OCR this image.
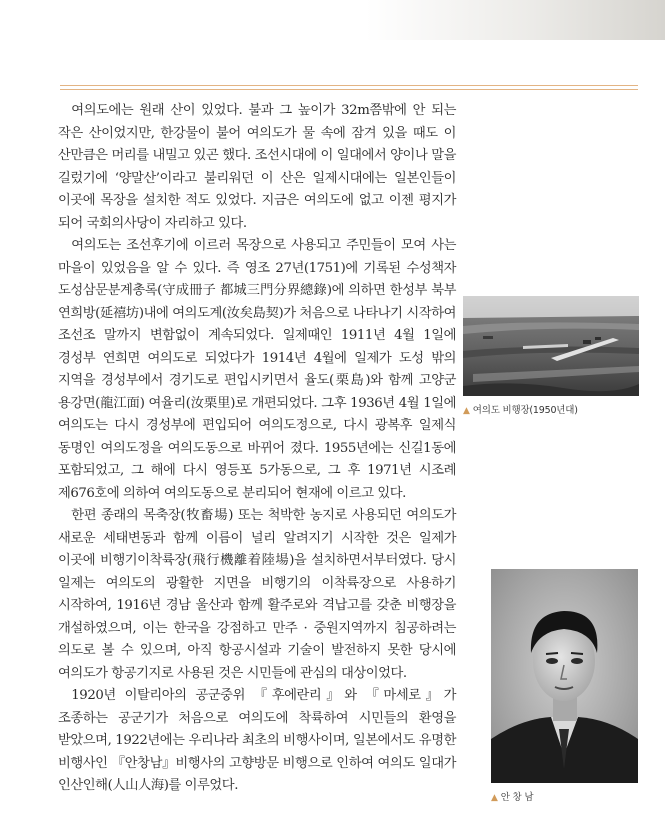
여의도에는 원래 산이 있었다. 불과 그 높이가 32m쯤밖에 안 되는 작은 산이었지만, 한강물이 불어 여의도가 물 속에 잠겨 있을 때도 이 산만큼은 머리를 내밀고 있곤 했다. 조선시대에 이 일대에서 양이나 말을 길렀기에 ‘양말산’이라고 불리워던 이 산은 일제시대에는 일본인들이 이곳에 목장을 설치한 적도 있었다. 지금은 여의도에 없고 이젠 평지가 되어 국회의사당이 자리하고 있다.

여의도는 조선후기에 이르러 목장으로 사용되고 주민들이 모여 사는 마을이 있었음을 알 수 있다. 즉 영조 27년(1751)에 기록된 수성책자 도성삼문분계총록(守成冊子 都城三門分界總錄)에 의하면 한성부 북부 연희방(延禧坊)내에 여의도계(汝矣島契)가 처음으로 나타나기 시작하여 조선조 말까지 변함없이 계속되었다. 일제때인 1911년 4월 1일에 경성부 연희면 여의도로 되었다가 1914년 4월에 일제가 도성 밖의 지역을 경성부에서 경기도로 편입시키면서 율도(栗島)와 함께 고양군 용강면(龍江面) 여율리(汝栗里)로 개편되었다. 그후 1936년 4월 1일에 여의도는 다시 경성부에 편입되어 여의도정으로, 다시 광복후 일제식 동명인 여의도정을 여의도동으로 바뀌어 졌다. 1955년에는 신길1동에 포함되었고, 그 해에 다시 영등포 5가동으로, 그 후 1971년 시조례 제676호에 의하여 여의도동으로 분리되어 현재에 이르고 있다.

한편 종래의 목축장(牧畜場) 또는 척박한 농지로 사용되던 여의도가 새로운 세태변동과 함께 이름이 널리 알려지기 시작한 것은 일제가 이곳에 비행기이착륙장(飛行機離着陸場)을 설치하면서부터였다. 당시 일제는 여의도의 광활한 지면을 비행기의 이착륙장으로 사용하기 시작하여, 1916년 경남 울산과 함께 활주로와 격납고를 갖춘 비행장을 개설하였으며, 이는 한국을 강점하고 만주 · 중원지역까지 침공하려는 의도로 볼 수 있으며, 아직 항공시설과 기술이 발전하지 못한 당시에 여의도가 항공기지로 사용된 것은 시민들에 관심의 대상이었다.

1920년 이탈리아의 공군중위 『후에란리』와 『마세로』가 조종하는 공군기가 처음으로 여의도에 착륙하여 시민들의 환영을 받았으며, 1922년에는 우리나라 최초의 비행사이며, 일본에서도 유명한 비행사인 『안창남』비행사의 고향방문 비행으로 인하여 여의도 일대가 인산인해(人山人海)를 이루었다.

▲ 여의도 비행장(1950년대)
▲ 안 창 남
